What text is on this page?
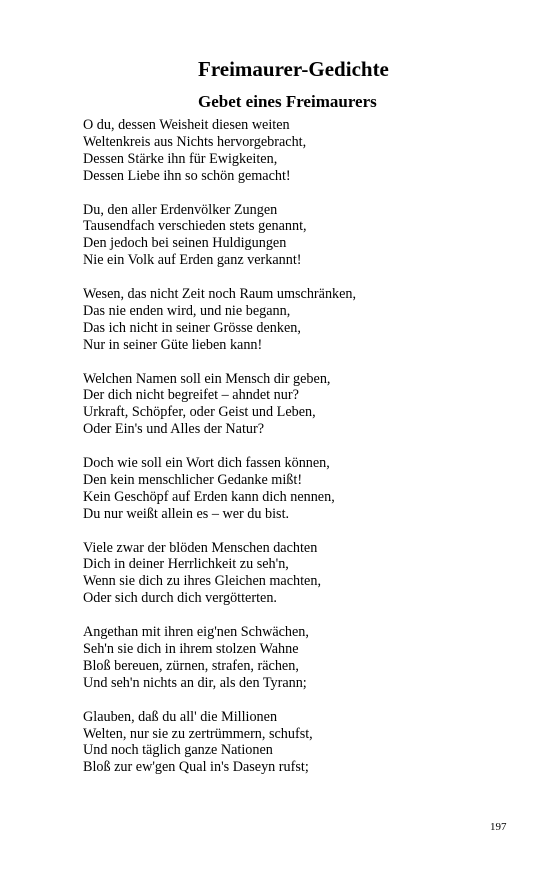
Freimaurer-Gedichte
Gebet eines Freimaurers
O du, dessen Weisheit diesen weiten
Weltenkreis aus Nichts hervorgebracht,
Dessen Stärke ihn für Ewigkeiten,
Dessen Liebe ihn so schön gemacht!
Du, den aller Erdenvölker Zungen
Tausendfach verschieden stets genannt,
Den jedoch bei seinen Huldigungen
Nie ein Volk auf Erden ganz verkannt!
Wesen, das nicht Zeit noch Raum umschränken,
Das nie enden wird, und nie begann,
Das ich nicht in seiner Grösse denken,
Nur in seiner Güte lieben kann!
Welchen Namen soll ein Mensch dir geben,
Der dich nicht begreifet – ahndet nur?
Urkraft, Schöpfer, oder Geist und Leben,
Oder Ein's und Alles der Natur?
Doch wie soll ein Wort dich fassen können,
Den kein menschlicher Gedanke mißt!
Kein Geschöpf auf Erden kann dich nennen,
Du nur weißt allein es – wer du bist.
Viele zwar der blöden Menschen dachten
Dich in deiner Herrlichkeit zu seh'n,
Wenn sie dich zu ihres Gleichen machten,
Oder sich durch dich vergötterten.
Angethan mit ihren eig'nen Schwächen,
Seh'n sie dich in ihrem stolzen Wahne
Bloß bereuen, zürnen, strafen, rächen,
Und seh'n nichts an dir, als den Tyrann;
Glauben, daß du all' die Millionen
Welten, nur sie zu zertrümmern, schufst,
Und noch täglich ganze Nationen
Bloß zur ew'gen Qual in's Daseyn rufst;
197
